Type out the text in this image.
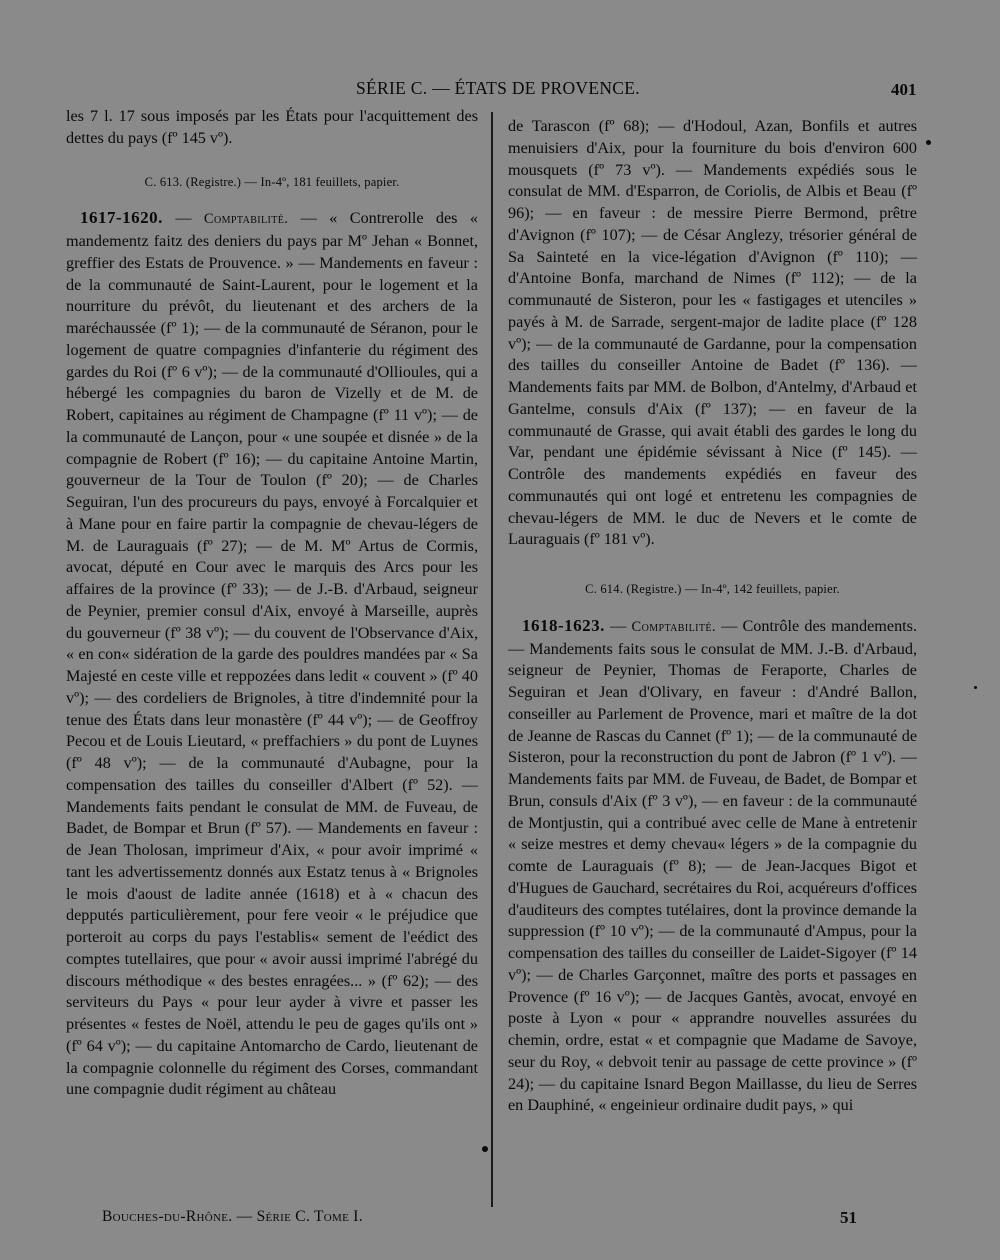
SÉRIE C. — ÉTATS DE PROVENCE.	401

les 7 l. 17 sous imposés par les États pour l'acquittement des dettes du pays (fº 145 vº).

C. 613. (Registre.) — In-4º, 181 feuillets, papier.

1617-1620. — Comptabilité. — « Contrerolle des « mandementz faitz des deniers du pays par Mº Jehan « Bonnet, greffier des Estats de Prouvence. » — Mandements en faveur : de la communauté de Saint-Laurent, pour le logement et la nourriture du prévôt, du lieutenant et des archers de la maréchaussée (fº 1); — de la communauté de Séranon, pour le logement de quatre compagnies d'infanterie du régiment des gardes du Roi (fº 6 vº); — de la communauté d'Ollioules, qui a hébergé les compagnies du baron de Vizelly et de M. de Robert, capitaines au régiment de Champagne (fº 11 vº); — de la communauté de Lançon, pour « une soupée et disnée » de la compagnie de Robert (fº 16); — du capitaine Antoine Martin, gouverneur de la Tour de Toulon (fº 20); — de Charles Seguiran, l'un des procureurs du pays, envoyé à Forcalquier et à Mane pour en faire partir la compagnie de chevau-légers de M. de Lauraguais (fº 27); — de M. Mº Artus de Cormis, avocat, député en Cour avec le marquis des Arcs pour les affaires de la province (fº 33); — de J.-B. d'Arbaud, seigneur de Peynier, premier consul d'Aix, envoyé à Marseille, auprès du gouverneur (fº 38 vº); — du couvent de l'Observance d'Aix, « en con« sidération de la garde des pouldres mandées par « Sa Majesté en ceste ville et reppozées dans ledit « couvent » (fº 40 vº); — des cordeliers de Brignoles, à titre d'indemnité pour la tenue des États dans leur monastère (fº 44 vº); — de Geoffroy Pecou et de Louis Lieutard, « preffachiers » du pont de Luynes (fº 48 vº); — de la communauté d'Aubagne, pour la compensation des tailles du conseiller d'Albert (fº 52). — Mandements faits pendant le consulat de MM. de Fuveau, de Badet, de Bompar et Brun (fº 57). — Mandements en faveur : de Jean Tholosan, imprimeur d'Aix, « pour avoir imprimé « tant les advertissementz donnés aux Estatz tenus à « Brignoles le mois d'aoust de ladite année (1618) et à « chacun des depputés particulièrement, pour fere veoir « le préjudice que porteroit au corps du pays l'establis« sement de l'eédict des comptes tutellaires, que pour « avoir aussi imprimé l'abrégé du discours méthodique « des bestes enragées... » (fº 62); — des serviteurs du Pays « pour leur ayder à vivre et passer les présentes « festes de Noël, attendu le peu de gages qu'ils ont » (fº 64 vº); — du capitaine Antomarcho de Cardo, lieutenant de la compagnie colonnelle du régiment des Corses, commandant une compagnie dudit régiment au château

de Tarascon (fº 68); — d'Hodoul, Azan, Bonfils et autres menuisiers d'Aix, pour la fourniture du bois d'environ 600 mousquets (fº 73 vº). — Mandements expédiés sous le consulat de MM. d'Esparron, de Coriolis, de Albis et Beau (fº 96); — en faveur : de messire Pierre Bermond, prêtre d'Avignon (fº 107); — de César Anglezy, trésorier général de Sa Sainteté en la vice-légation d'Avignon (fº 110); — d'Antoine Bonfa, marchand de Nimes (fº 112); — de la communauté de Sisteron, pour les « fastigages et utenciles » payés à M. de Sarrade, sergent-major de ladite place (fº 128 vº); — de la communauté de Gardanne, pour la compensation des tailles du conseiller Antoine de Badet (fº 136). — Mandements faits par MM. de Bolbon, d'Antelmy, d'Arbaud et Gantelme, consuls d'Aix (fº 137); — en faveur de la communauté de Grasse, qui avait établi des gardes le long du Var, pendant une épidémie sévissant à Nice (fº 145). — Contrôle des mandements expédiés en faveur des communautés qui ont logé et entretenu les compagnies de chevau-légers de MM. le duc de Nevers et le comte de Lauraguais (fº 181 vº).

C. 614. (Registre.) — In-4º, 142 feuillets, papier.

1618-1623. — Comptabilité. — Contrôle des mandements. — Mandements faits sous le consulat de MM. J.-B. d'Arbaud, seigneur de Peynier, Thomas de Feraporte, Charles de Seguiran et Jean d'Olivary, en faveur : d'André Ballon, conseiller au Parlement de Provence, mari et maître de la dot de Jeanne de Rascas du Cannet (fº 1); — de la communauté de Sisteron, pour la reconstruction du pont de Jabron (fº 1 vº). — Mandements faits par MM. de Fuveau, de Badet, de Bompar et Brun, consuls d'Aix (fº 3 vº), — en faveur : de la communauté de Montjustin, qui a contribué avec celle de Mane à entretenir « seize mestres et demy chevau« légers » de la compagnie du comte de Lauraguais (fº 8); — de Jean-Jacques Bigot et d'Hugues de Gauchard, secrétaires du Roi, acquéreurs d'offices d'auditeurs des comptes tutélaires, dont la province demande la suppression (fº 10 vº); — de la communauté d'Ampus, pour la compensation des tailles du conseiller de Laidet-Sigoyer (fº 14 vº); — de Charles Garçonnet, maître des ports et passages en Provence (fº 16 vº); — de Jacques Gantès, avocat, envoyé en poste à Lyon « pour « apprandre nouvelles assurées du chemin, ordre, estat « et compagnie que Madame de Savoye, seur du Roy, « debvoit tenir au passage de cette province » (fº 24); — du capitaine Isnard Begon Maillasse, du lieu de Serres en Dauphiné, « engeinieur ordinaire dudit pays, » qui

Bouches-du-Rhône. — Série C. Tome I.	51
